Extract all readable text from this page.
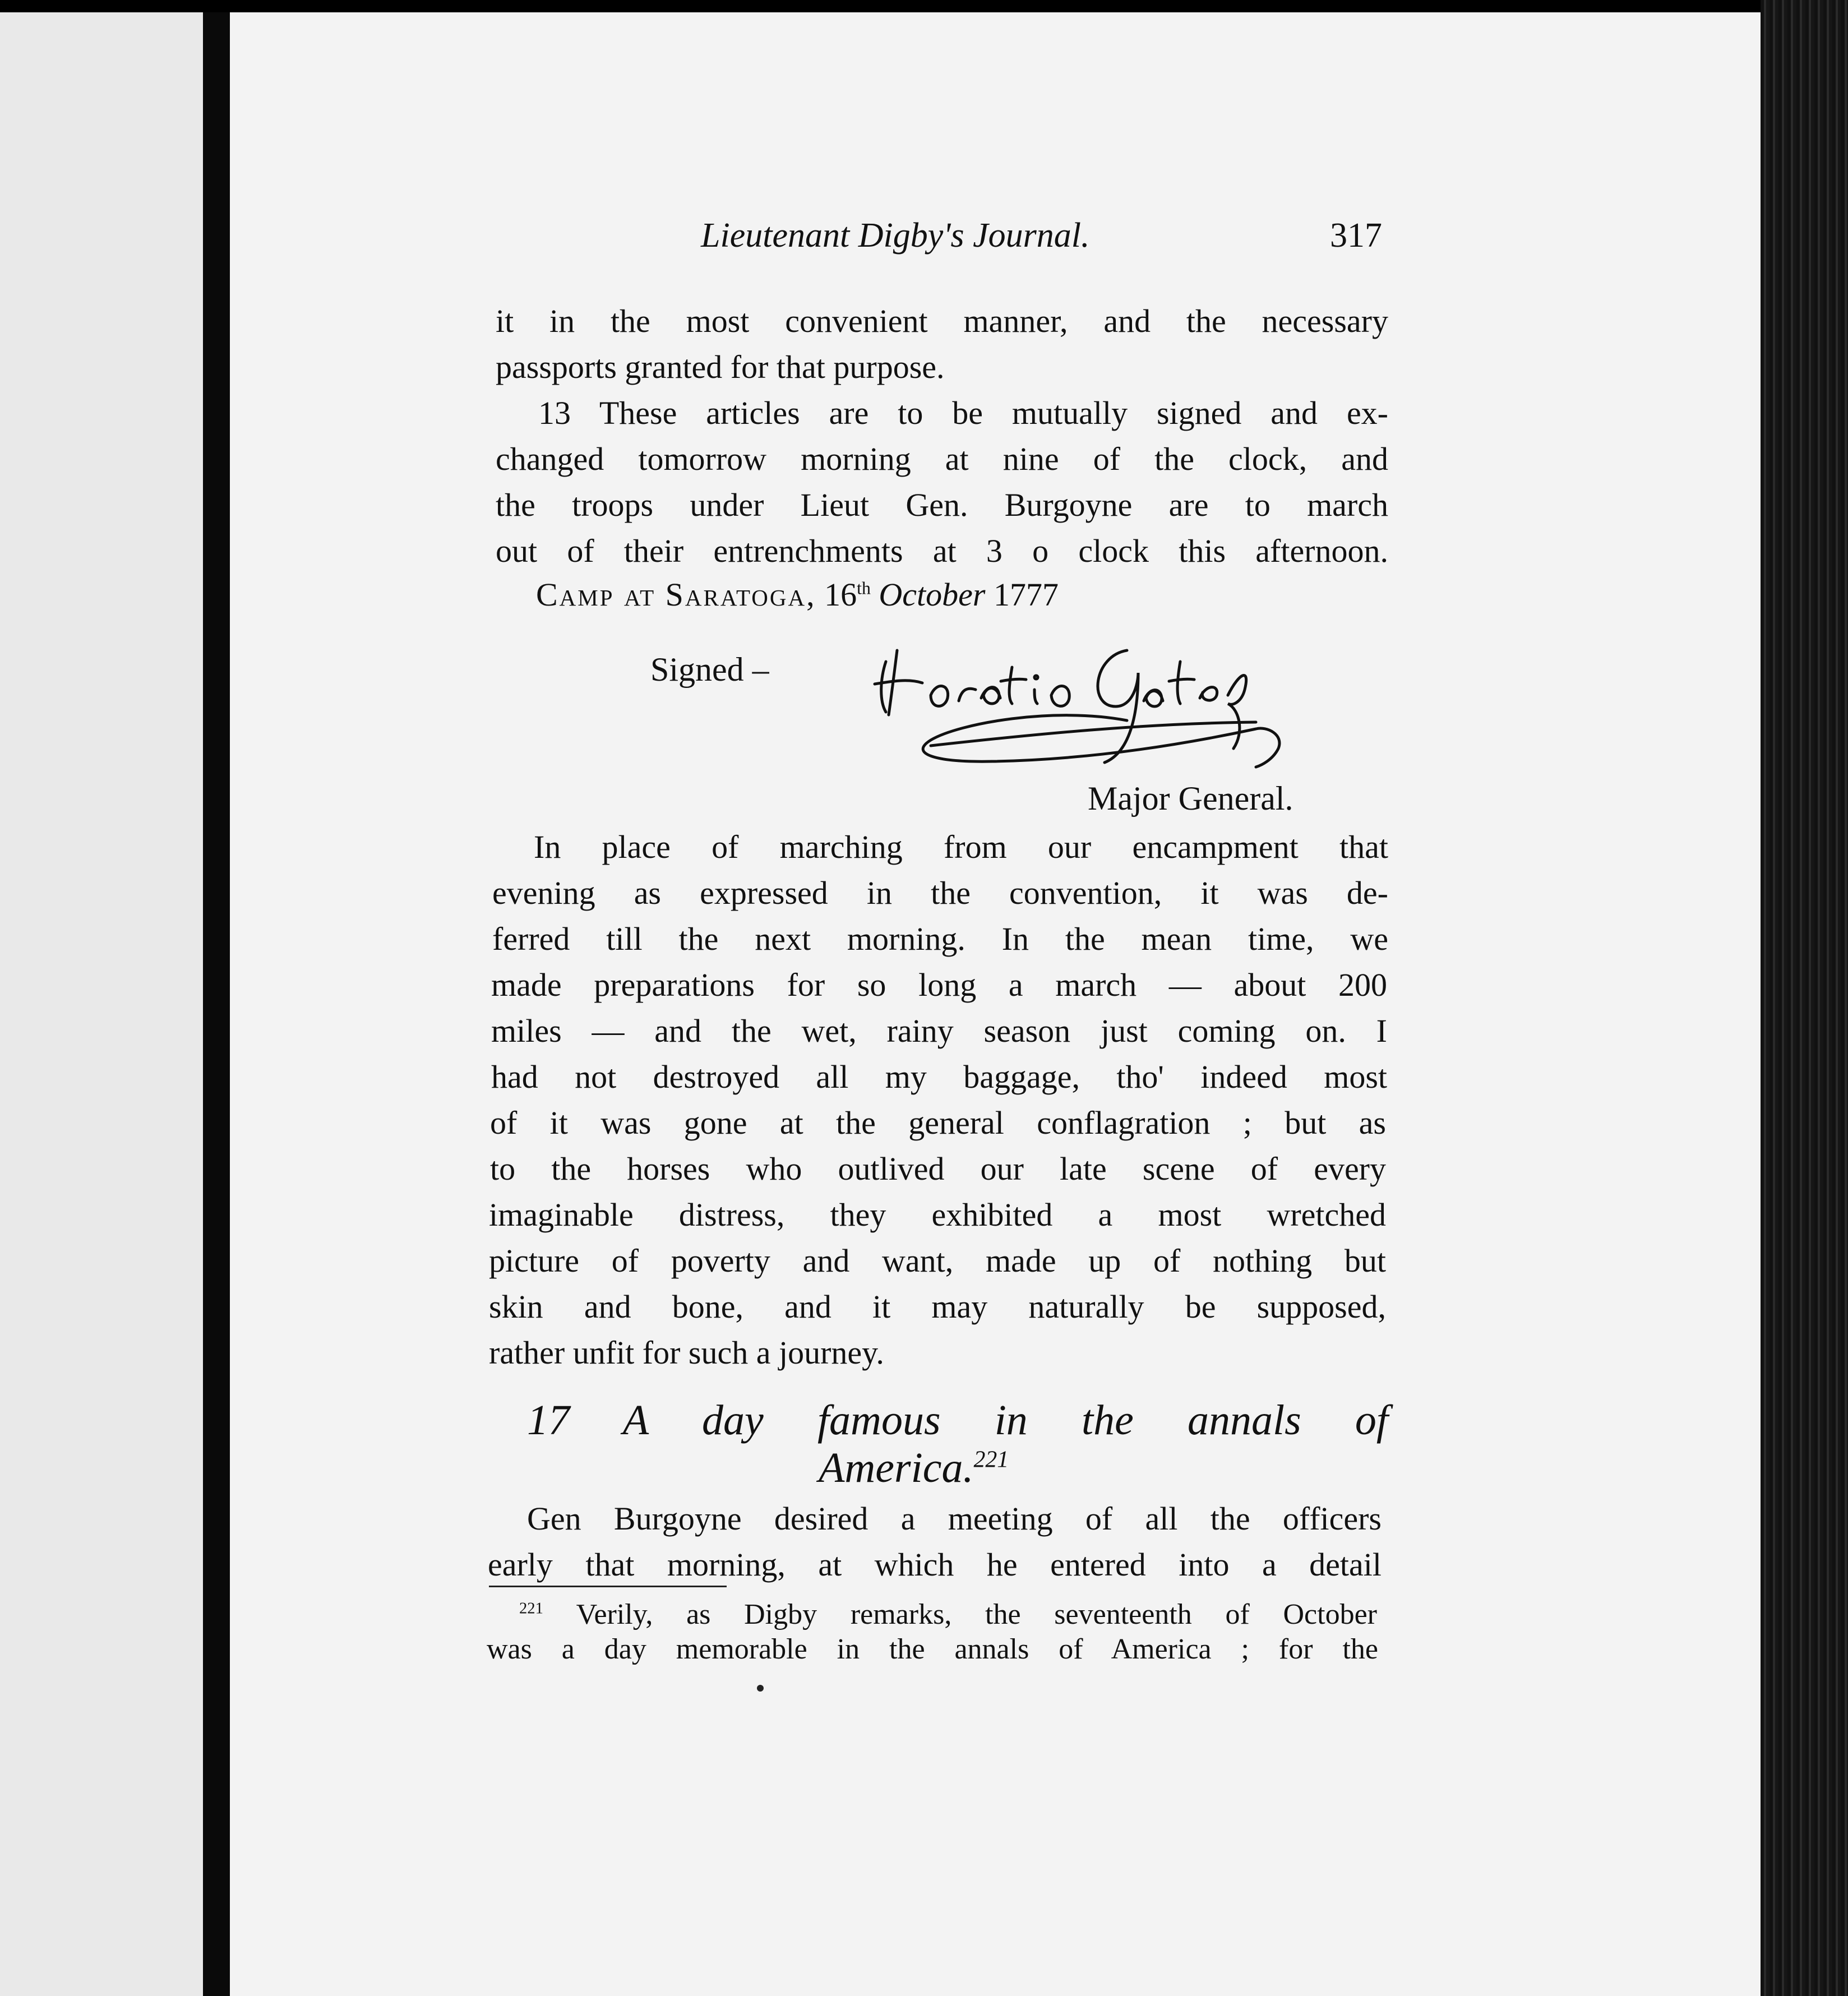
Lieutenant Digby's Journal.	317
it in the most convenient manner, and the necessary
passports granted for that purpose.
13 These articles are to be mutually signed and ex-
changed tomorrow morning at nine of the clock, and
the troops under Lieut Gen. Burgoyne are to march
out of their entrenchments at 3 o clock this afternoon.
Camp at Saratoga, 16th October 1777
Signed –
Major General.
In place of marching from our encampment that
evening as expressed in the convention, it was de-
ferred till the next morning. In the mean time, we
made preparations for so long a march — about 200
miles — and the wet, rainy season just coming on. I
had not destroyed all my baggage, tho' indeed most
of it was gone at the general conflagration ; but as
to the horses who outlived our late scene of every
imaginable distress, they exhibited a most wretched
picture of poverty and want, made up of nothing but
skin and bone, and it may naturally be supposed,
rather unfit for such a journey.
17 A day famous in the annals of
America.$^{221}$
Gen Burgoyne desired a meeting of all the officers
early that morning, at which he entered into a detail
$^{221}$ Verily, as Digby remarks, the seventeenth of October
was a day memorable in the annals of America ; for the
